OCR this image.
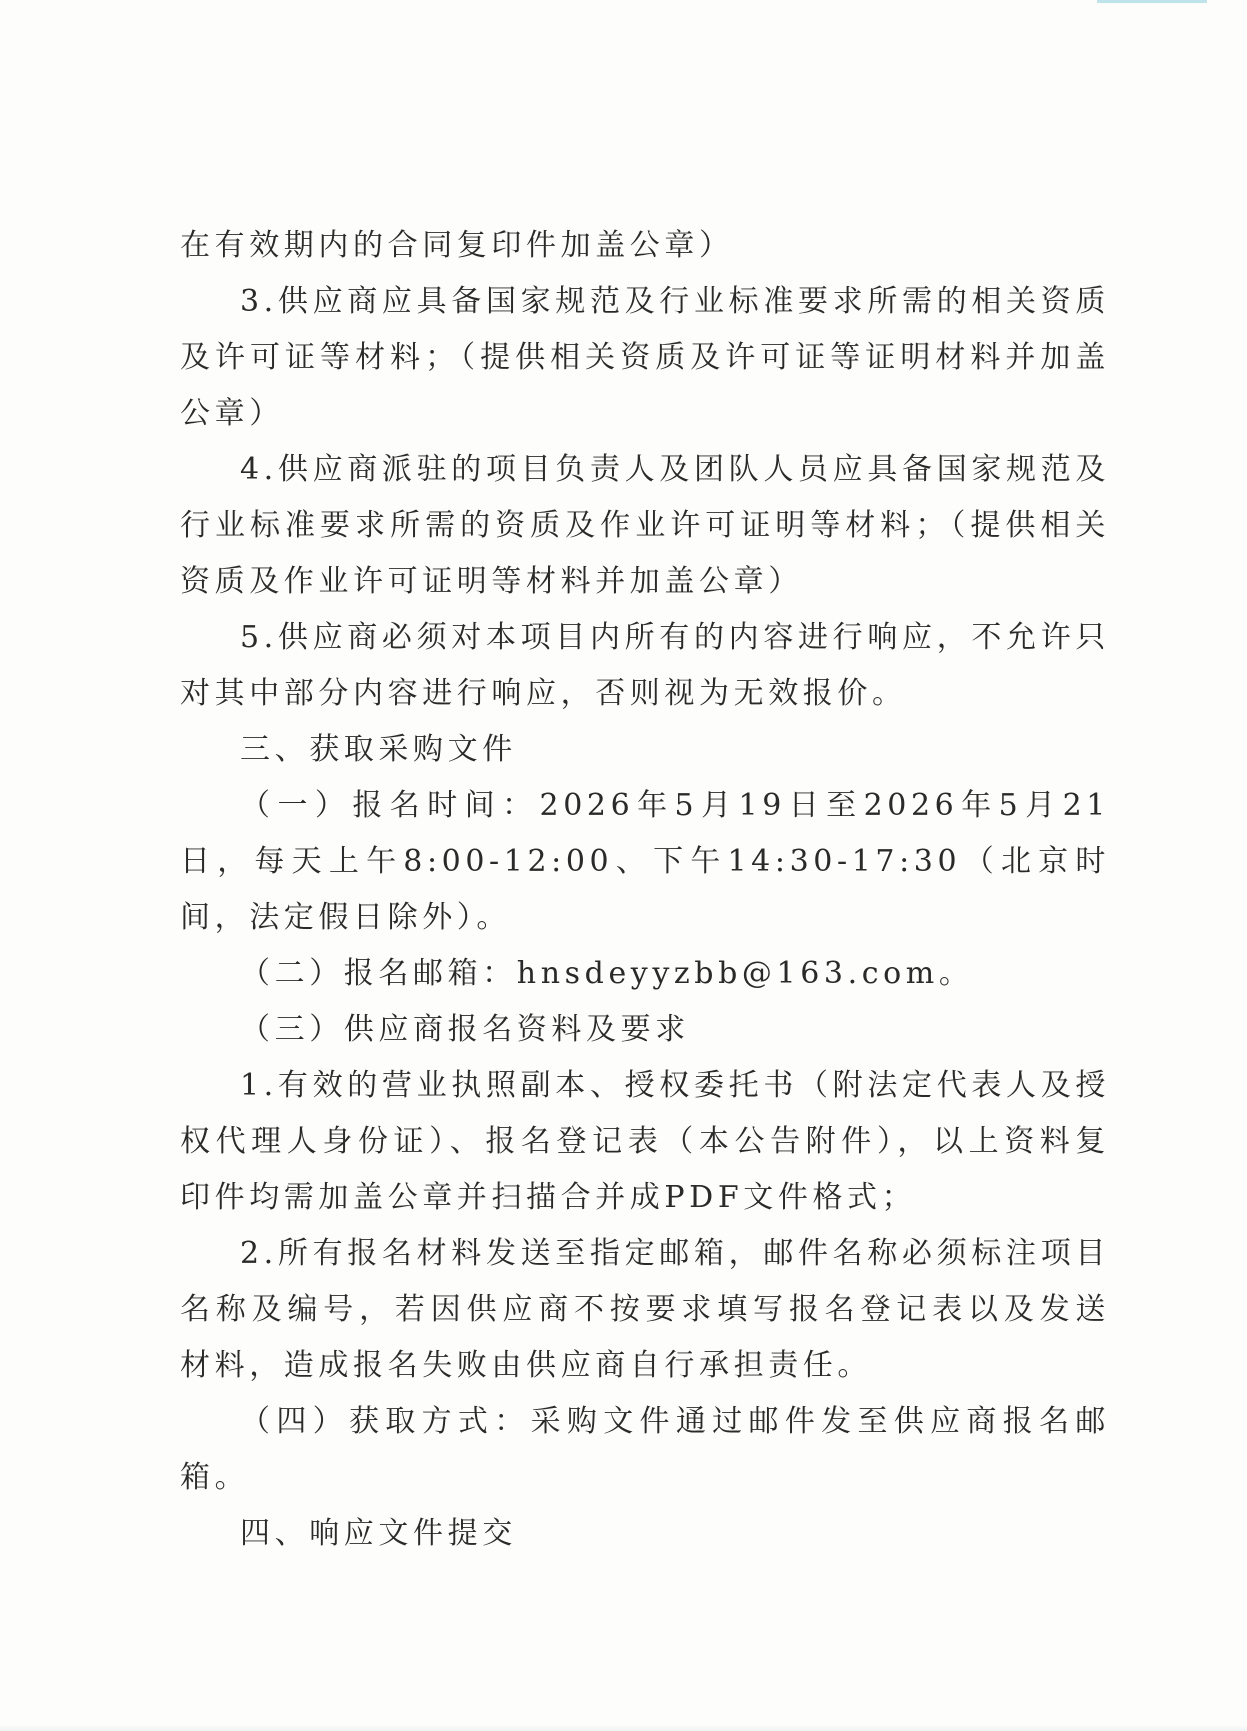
在有效期内的合同复印件加盖公章）

3.供应商应具备国家规范及行业标准要求所需的相关资质及许可证等材料；（提供相关资质及许可证等证明材料并加盖公章）

4.供应商派驻的项目负责人及团队人员应具备国家规范及行业标准要求所需的资质及作业许可证明等材料；（提供相关资质及作业许可证明等材料并加盖公章）

5.供应商必须对本项目内所有的内容进行响应，不允许只对其中部分内容进行响应，否则视为无效报价。

三、获取采购文件

（一）报名时间：2026年5月19日至2026年5月21日，每天上午8:00-12:00、下午14:30-17:30（北京时间，法定假日除外）。

（二）报名邮箱：hnsdeyyzbb@163.com。

（三）供应商报名资料及要求

1.有效的营业执照副本、授权委托书（附法定代表人及授权代理人身份证）、报名登记表（本公告附件），以上资料复印件均需加盖公章并扫描合并成PDF文件格式；

2.所有报名材料发送至指定邮箱，邮件名称必须标注项目名称及编号，若因供应商不按要求填写报名登记表以及发送材料，造成报名失败由供应商自行承担责任。

（四）获取方式：采购文件通过邮件发至供应商报名邮箱。

四、响应文件提交
